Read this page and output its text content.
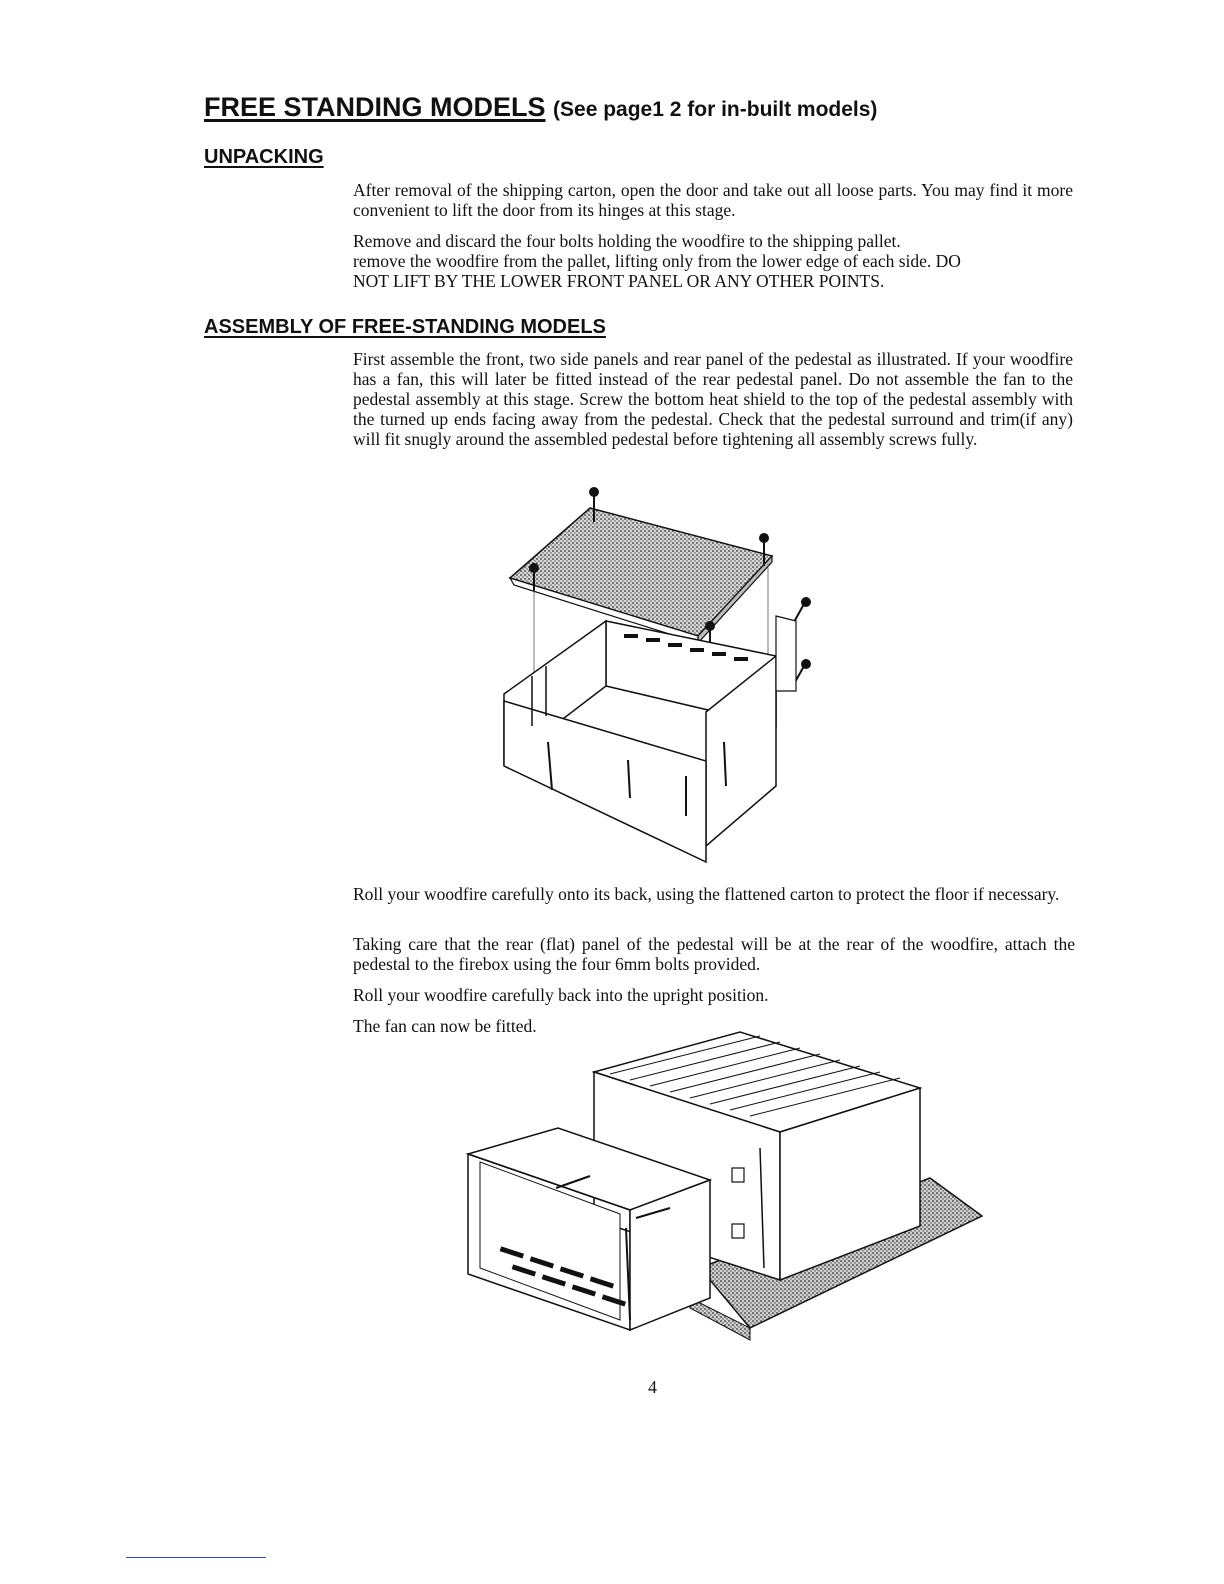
FREE STANDING MODELS (See page1 2 for in-built models)
UNPACKING

After removal of the shipping carton, open the door and take out all loose parts. You may find it more convenient to lift the door from its hinges at this stage.

Remove and discard the four bolts holding the woodfire to the shipping pallet.

remove the woodfire from the pallet, lifting only from the lower edge of each side. DO

NOT LIFT BY THE LOWER FRONT PANEL OR ANY OTHER POINTS.

ASSEMBLY OF FREE-STANDING MODELS

First assemble the front, two side panels and rear panel of the pedestal as illustrated. If your woodfire has a fan, this will later be fitted instead of the rear pedestal panel. Do not assemble the fan to the pedestal assembly at this stage. Screw the bottom heat shield to the top of the pedestal assembly with the turned up ends facing away from the pedestal. Check that the pedestal surround and trim(if any) will fit snugly around the assembled pedestal before tightening all assembly screws fully.

Roll your woodfire carefully onto its back, using the flattened carton to protect the floor if necessary.

Taking care that the rear (flat) panel of the pedestal will be at the rear of the woodfire, attach the pedestal to the firebox using the four 6mm bolts provided.

Roll your woodfire carefully back into the upright position.

The fan can now be fitted.

4
